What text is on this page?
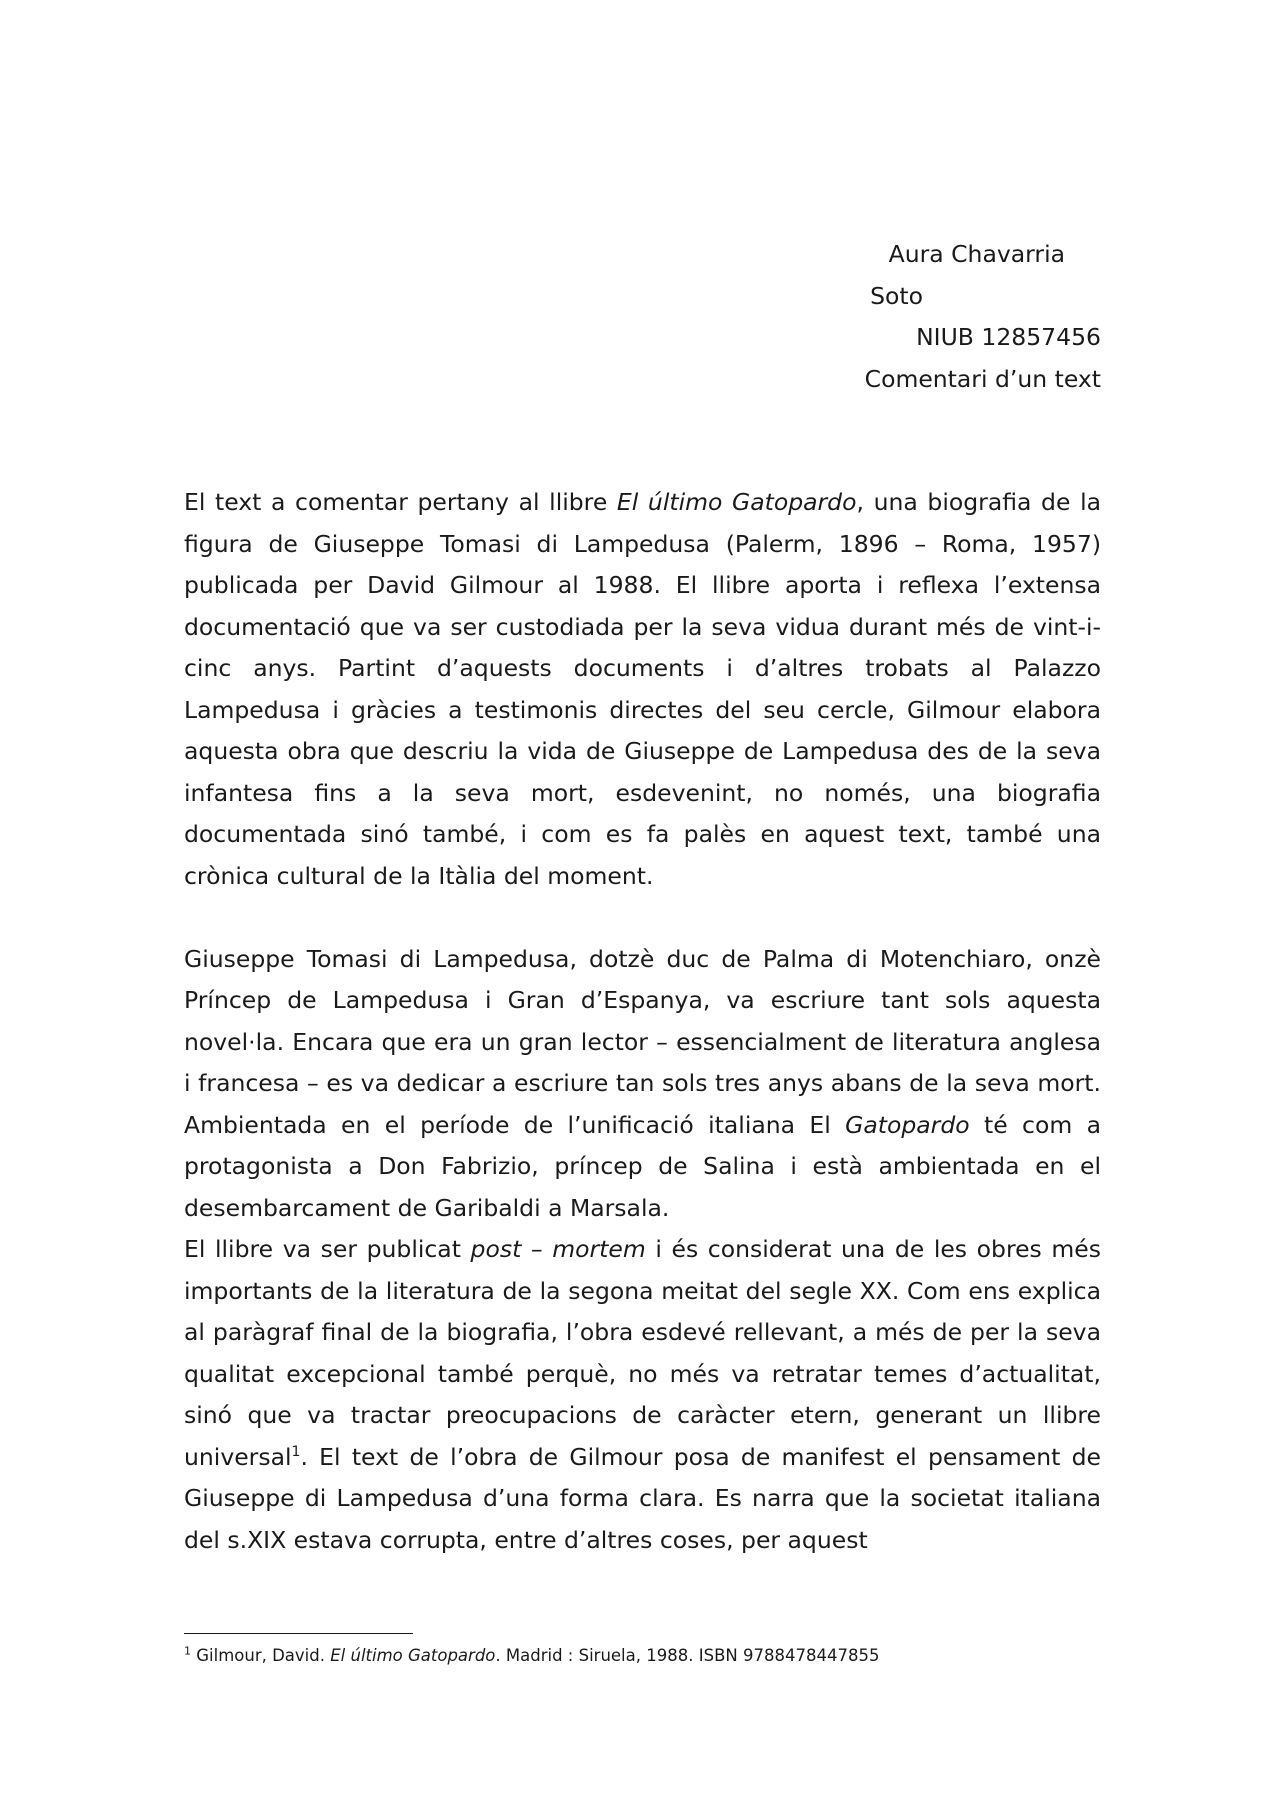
Aura Chavarria
Soto
NIUB 12857456
Comentari d’un text

El text a comentar pertany al llibre El último Gatopardo, una biografia de la figura de Giuseppe Tomasi di Lampedusa (Palerm, 1896 – Roma, 1957) publicada per David Gilmour al 1988. El llibre aporta i reflexa l’extensa documentació que va ser custodiada per la seva vidua durant més de vint-i-cinc anys. Partint d’aquests documents i d’altres trobats al Palazzo Lampedusa i gràcies a testimonis directes del seu cercle, Gilmour elabora aquesta obra que descriu la vida de Giuseppe de Lampedusa des de la seva infantesa fins a la seva mort, esdevenint, no només, una biografia documentada sinó també, i com es fa palès en aquest text, també una crònica cultural de la Itàlia del moment.

Giuseppe Tomasi di Lampedusa, dotzè duc de Palma di Motenchiaro, onzè Príncep de Lampedusa i Gran d’Espanya, va escriure tant sols aquesta novel·la. Encara que era un gran lector – essencialment de literatura anglesa i francesa – es va dedicar a escriure tan sols tres anys abans de la seva mort. Ambientada en el període de l’unificació italiana El Gatopardo té com a protagonista a Don Fabrizio, príncep de Salina i està ambientada en el desembarcament de Garibaldi a Marsala.

El llibre va ser publicat post – mortem i és considerat una de les obres més importants de la literatura de la segona meitat del segle XX. Com ens explica al paràgraf final de la biografia, l’obra esdevé rellevant, a més de per la seva qualitat excepcional també perquè, no més va retratar temes d’actualitat, sinó que va tractar preocupacions de caràcter etern, generant un llibre universal$^1$. El text de l’obra de Gilmour posa de manifest el pensament de Giuseppe di Lampedusa d’una forma clara. Es narra que la societat italiana del s.XIX estava corrupta, entre d’altres coses, per aquest

$^1$ Gilmour, David. El último Gatopardo. Madrid : Siruela, 1988. ISBN 9788478447855
